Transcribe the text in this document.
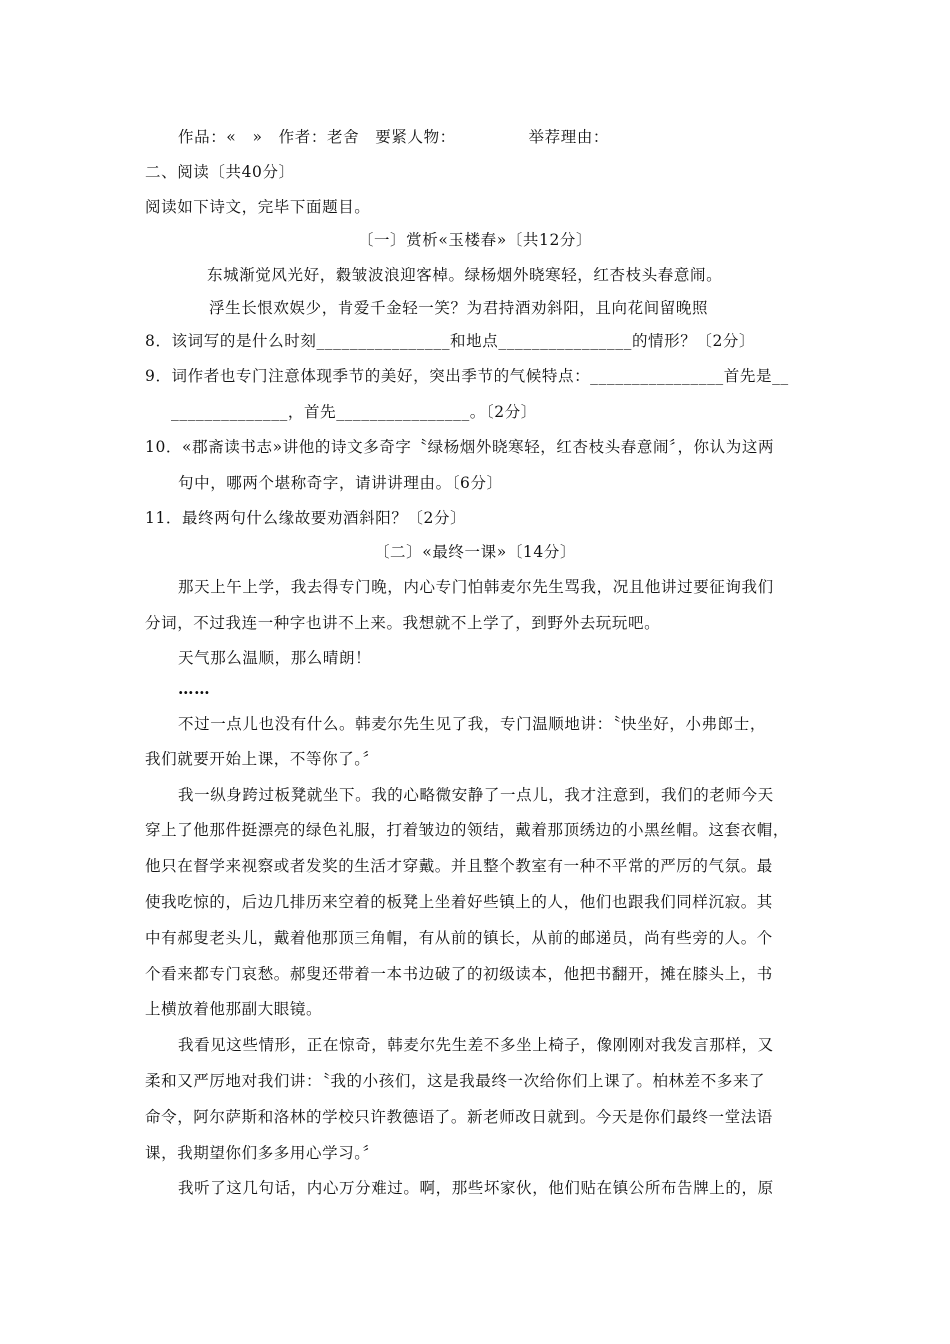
作品：«　»　作者：老舍　要紧人物：　　　　　举荐理由：
二、阅读〔共40分〕
阅读如下诗文，完毕下面题目。
〔一〕赏析«玉楼春»〔共12分〕
东城渐觉风光好，縠皱波浪迎客棹。绿杨烟外晓寒轻，红杏枝头春意闹。
浮生长恨欢娱少，肯爱千金轻一笑？为君持酒劝斜阳，且向花间留晚照
8．该词写的是什么时刻________________和地点________________的情形？〔2分〕
9．词作者也专门注意体现季节的美好，突出季节的气候特点：________________首先是__
______________，首先________________。〔2分〕
10．«郡斋读书志»讲他的诗文多奇字〝绿杨烟外晓寒轻，红杏枝头春意闹〞，你认为这两
句中，哪两个堪称奇字，请讲讲理由。〔6分〕
11．最终两句什么缘故要劝酒斜阳？〔2分〕
〔二〕«最终一课»〔14分〕
那天上午上学，我去得专门晚，内心专门怕韩麦尔先生骂我，况且他讲过要征询我们
分词，不过我连一种字也讲不上来。我想就不上学了，到野外去玩玩吧。
天气那么温顺，那么晴朗！
……
不过一点儿也没有什么。韩麦尔先生见了我，专门温顺地讲：〝快坐好，小弗郎士，
我们就要开始上课，不等你了。〞
我一纵身跨过板凳就坐下。我的心略微安静了一点儿，我才注意到，我们的老师今天
穿上了他那件挺漂亮的绿色礼服，打着皱边的领结，戴着那顶绣边的小黑丝帽。这套衣帽，
他只在督学来视察或者发奖的生活才穿戴。并且整个教室有一种不平常的严厉的气氛。最
使我吃惊的，后边几排历来空着的板凳上坐着好些镇上的人，他们也跟我们同样沉寂。其
中有郝叟老头儿，戴着他那顶三角帽，有从前的镇长，从前的邮递员，尚有些旁的人。个
个看来都专门哀愁。郝叟还带着一本书边破了的初级读本，他把书翻开，摊在膝头上，书
上横放着他那副大眼镜。
我看见这些情形，正在惊奇，韩麦尔先生差不多坐上椅子，像刚刚对我发言那样，又
柔和又严厉地对我们讲：〝我的小孩们，这是我最终一次给你们上课了。柏林差不多来了
命令，阿尔萨斯和洛林的学校只许教德语了。新老师改日就到。今天是你们最终一堂法语
课，我期望你们多多用心学习。〞
我听了这几句话，内心万分难过。啊，那些坏家伙，他们贴在镇公所布告牌上的，原
